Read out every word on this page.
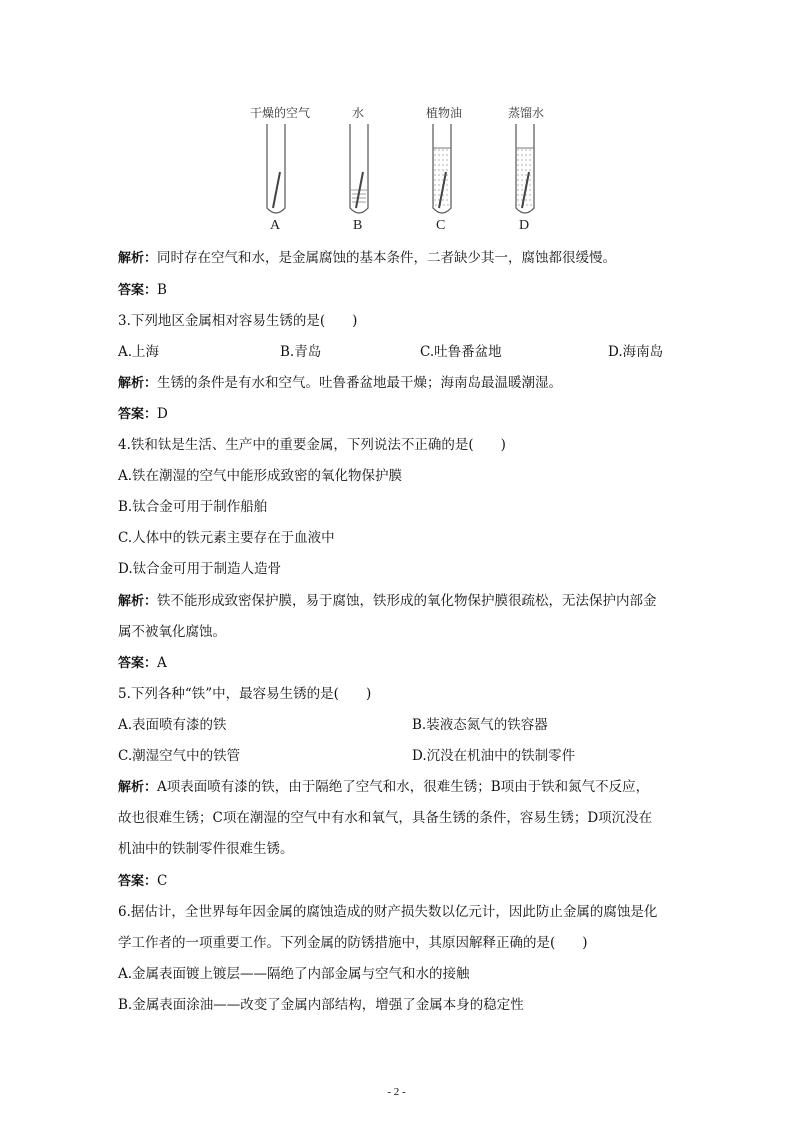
干燥的空气	水	植物油	蒸馏水
A	B	C	D
解析：同时存在空气和水，是金属腐蚀的基本条件，二者缺少其一，腐蚀都很缓慢。
答案：B
3.下列地区金属相对容易生锈的是(　　)
A.上海	B.青岛	C.吐鲁番盆地	D.海南岛
解析：生锈的条件是有水和空气。吐鲁番盆地最干燥；海南岛最温暖潮湿。
答案：D
4.铁和钛是生活、生产中的重要金属，下列说法不正确的是(　　)
A.铁在潮湿的空气中能形成致密的氧化物保护膜
B.钛合金可用于制作船舶
C.人体中的铁元素主要存在于血液中
D.钛合金可用于制造人造骨
解析：铁不能形成致密保护膜，易于腐蚀，铁形成的氧化物保护膜很疏松，无法保护内部金
属不被氧化腐蚀。
答案：A
5.下列各种“铁”中，最容易生锈的是(　　)
A.表面喷有漆的铁	B.装液态氮气的铁容器
C.潮湿空气中的铁管	D.沉没在机油中的铁制零件
解析：A项表面喷有漆的铁，由于隔绝了空气和水，很难生锈；B项由于铁和氮气不反应，
故也很难生锈；C项在潮湿的空气中有水和氧气，具备生锈的条件，容易生锈；D项沉没在
机油中的铁制零件很难生锈。
答案：C
6.据估计，全世界每年因金属的腐蚀造成的财产损失数以亿元计，因此防止金属的腐蚀是化
学工作者的一项重要工作。下列金属的防锈措施中，其原因解释正确的是(　　)
A.金属表面镀上镀层——隔绝了内部金属与空气和水的接触
B.金属表面涂油——改变了金属内部结构，增强了金属本身的稳定性
- 2 -
